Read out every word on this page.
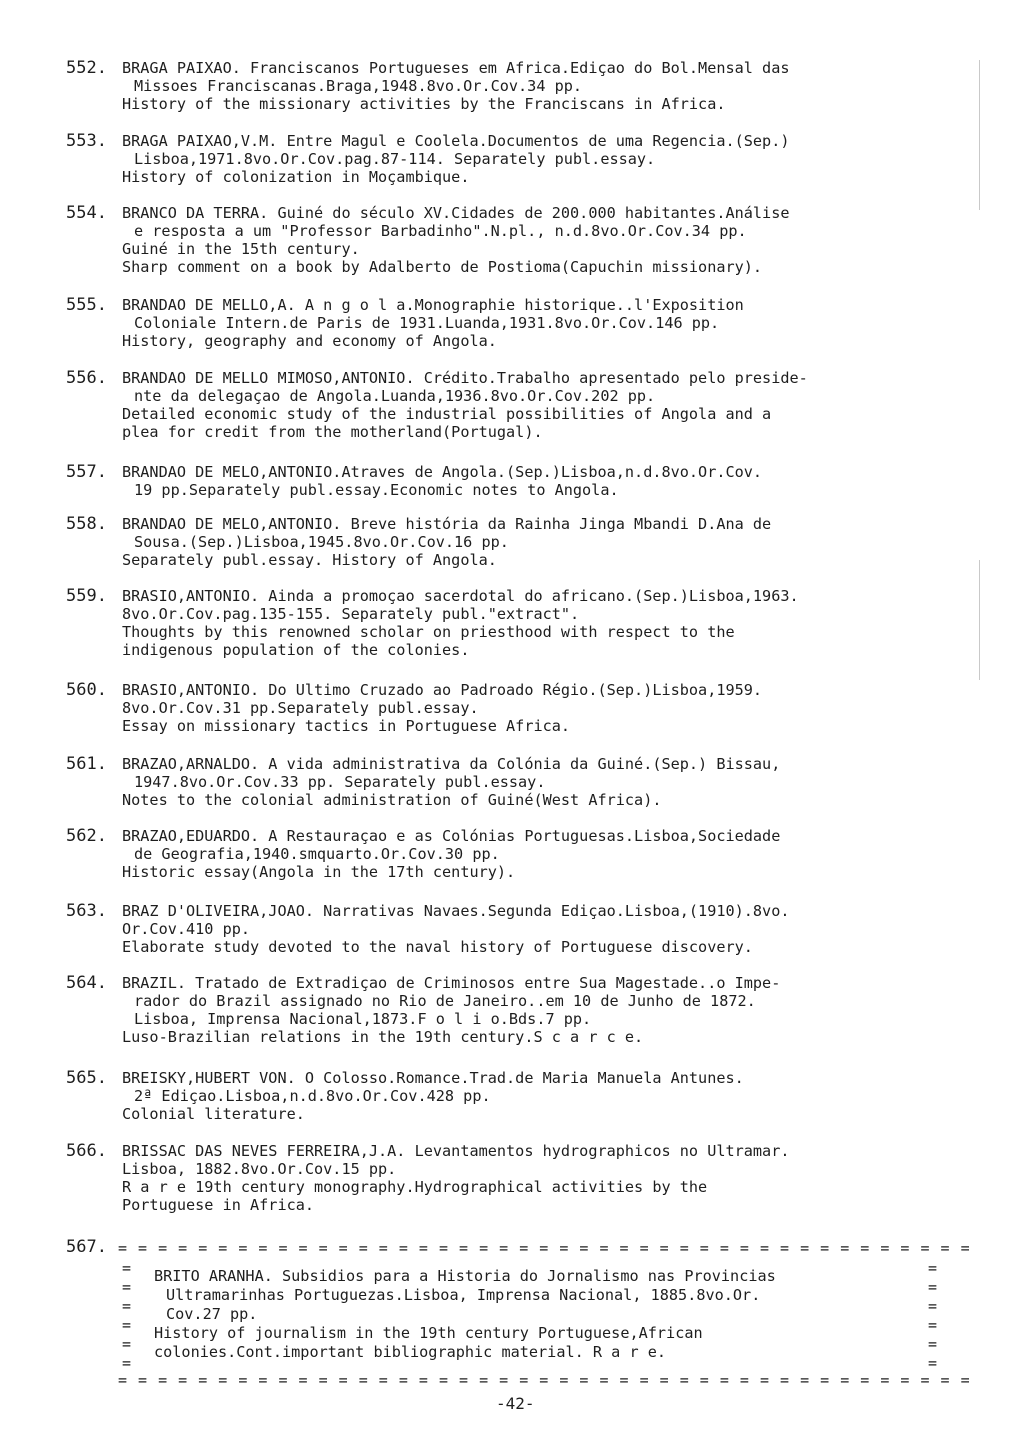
552. BRAGA PAIXAO. Franciscanos Portugueses em Africa.Ediçao do Bol.Mensal das
Missoes Franciscanas.Braga,1948.8vo.Or.Cov.34 pp.
History of the missionary activities by the Franciscans in Africa.
553. BRAGA PAIXAO,V.M. Entre Magul e Coolela.Documentos de uma Regencia.(Sep.)
Lisboa,1971.8vo.Or.Cov.pag.87-114. Separately publ.essay.
History of colonization in Moçambique.
554. BRANCO DA TERRA. Guiné do século XV.Cidades de 200.000 habitantes.Análise
e resposta a um "Professor Barbadinho".N.pl., n.d.8vo.Or.Cov.34 pp.
Guiné in the 15th century.
Sharp comment on a book by Adalberto de Postioma(Capuchin missionary).
555. BRANDAO DE MELLO,A. A n g o l a.Monographie historique..l'Exposition
Coloniale Intern.de Paris de 1931.Luanda,1931.8vo.Or.Cov.146 pp.
History, geography and economy of Angola.
556. BRANDAO DE MELLO MIMOSO,ANTONIO. Crédito.Trabalho apresentado pelo preside-
nte da delegaçao de Angola.Luanda,1936.8vo.Or.Cov.202 pp.
Detailed economic study of the industrial possibilities of Angola and a
plea for credit from the motherland(Portugal).
557. BRANDAO DE MELO,ANTONIO.Atraves de Angola.(Sep.)Lisboa,n.d.8vo.Or.Cov.
19 pp.Separately publ.essay.Economic notes to Angola.
558. BRANDAO DE MELO,ANTONIO. Breve história da Rainha Jinga Mbandi D.Ana de
Sousa.(Sep.)Lisboa,1945.8vo.Or.Cov.16 pp.
Separately publ.essay. History of Angola.
559. BRASIO,ANTONIO. Ainda a promoçao sacerdotal do africano.(Sep.)Lisboa,1963.
8vo.Or.Cov.pag.135-155. Separately publ."extract".
Thoughts by this renowned scholar on priesthood with respect to the
indigenous population of the colonies.
560. BRASIO,ANTONIO. Do Ultimo Cruzado ao Padroado Régio.(Sep.)Lisboa,1959.
8vo.Or.Cov.31 pp.Separately publ.essay.
Essay on missionary tactics in Portuguese Africa.
561. BRAZAO,ARNALDO. A vida administrativa da Colónia da Guiné.(Sep.) Bissau,
1947.8vo.Or.Cov.33 pp. Separately publ.essay.
Notes to the colonial administration of Guiné(West Africa).
562. BRAZAO,EDUARDO. A Restauraçao e as Colónias Portuguesas.Lisboa,Sociedade
de Geografia,1940.smquarto.Or.Cov.30 pp.
Historic essay(Angola in the 17th century).
563. BRAZ D'OLIVEIRA,JOAO. Narrativas Navaes.Segunda Ediçao.Lisboa,(1910).8vo.
Or.Cov.410 pp.
Elaborate study devoted to the naval history of Portuguese discovery.
564. BRAZIL. Tratado de Extradiçao de Criminosos entre Sua Magestade..o Impe-
rador do Brazil assignado no Rio de Janeiro..em 10 de Junho de 1872.
Lisboa, Imprensa Nacional,1873.F o l i o.Bds.7 pp.
Luso-Brazilian relations in the 19th century.S c a r c e.
565. BREISKY,HUBERT VON. O Colosso.Romance.Trad.de Maria Manuela Antunes.
2ª Ediçao.Lisboa,n.d.8vo.Or.Cov.428 pp.
Colonial literature.
566. BRISSAC DAS NEVES FERREIRA,J.A. Levantamentos hydrographicos no Ultramar.
Lisboa, 1882.8vo.Or.Cov.15 pp.
R a r e 19th century monography.Hydrographical activities by the
Portuguese in Africa.
567. = = = = = = = = = = = = = = = = = = = = = = = = = = = = = = = = = = = = = = = = = = =
=
=
=
=
=
=
=
=
=
=
=
=
BRITO ARANHA. Subsidios para a Historia do Jornalismo nas Provincias
Ultramarinhas Portuguezas.Lisboa, Imprensa Nacional, 1885.8vo.Or.
Cov.27 pp.
History of journalism in the 19th century Portuguese,African
colonies.Cont.important bibliographic material. R a r e.
= = = = = = = = = = = = = = = = = = = = = = = = = = = = = = = = = = = = = = = = = = =
-42-
